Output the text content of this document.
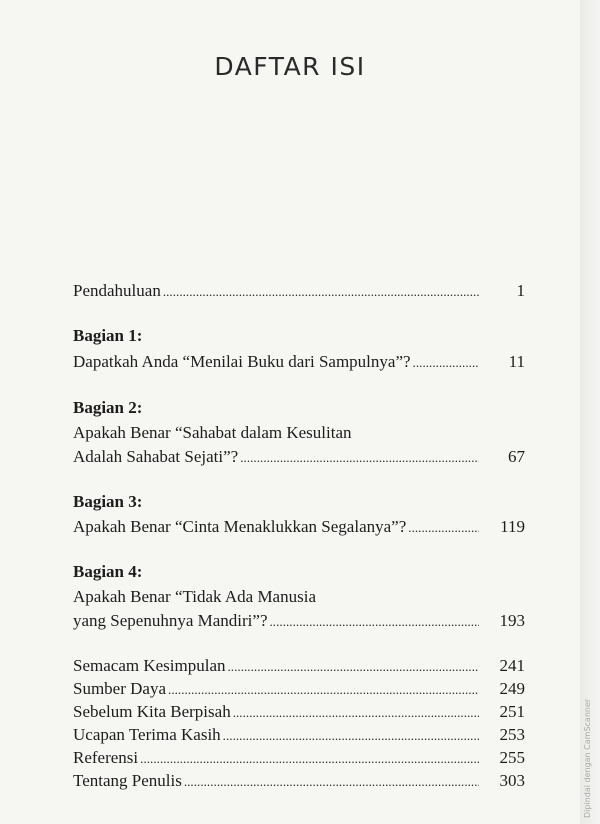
DAFTAR ISI
Pendahuluan . . .	1
Bagian 1:
Dapatkah Anda “Menilai Buku dari Sampulnya”? . . .	11
Bagian 2:
Apakah Benar “Sahabat dalam Kesulitan
Adalah Sahabat Sejati”? . . .	67
Bagian 3:
Apakah Benar “Cinta Menaklukkan Segalanya”? . . .	119
Bagian 4:
Apakah Benar “Tidak Ada Manusia
yang Sepenuhnya Mandiri”? . . .	193
Semacam Kesimpulan . . .	241
Sumber Daya . . .	249
Sebelum Kita Berpisah . . .	251
Ucapan Terima Kasih . . .	253
Referensi . . .	255
Tentang Penulis . . .	303	Dipindai dengan CamScanner
